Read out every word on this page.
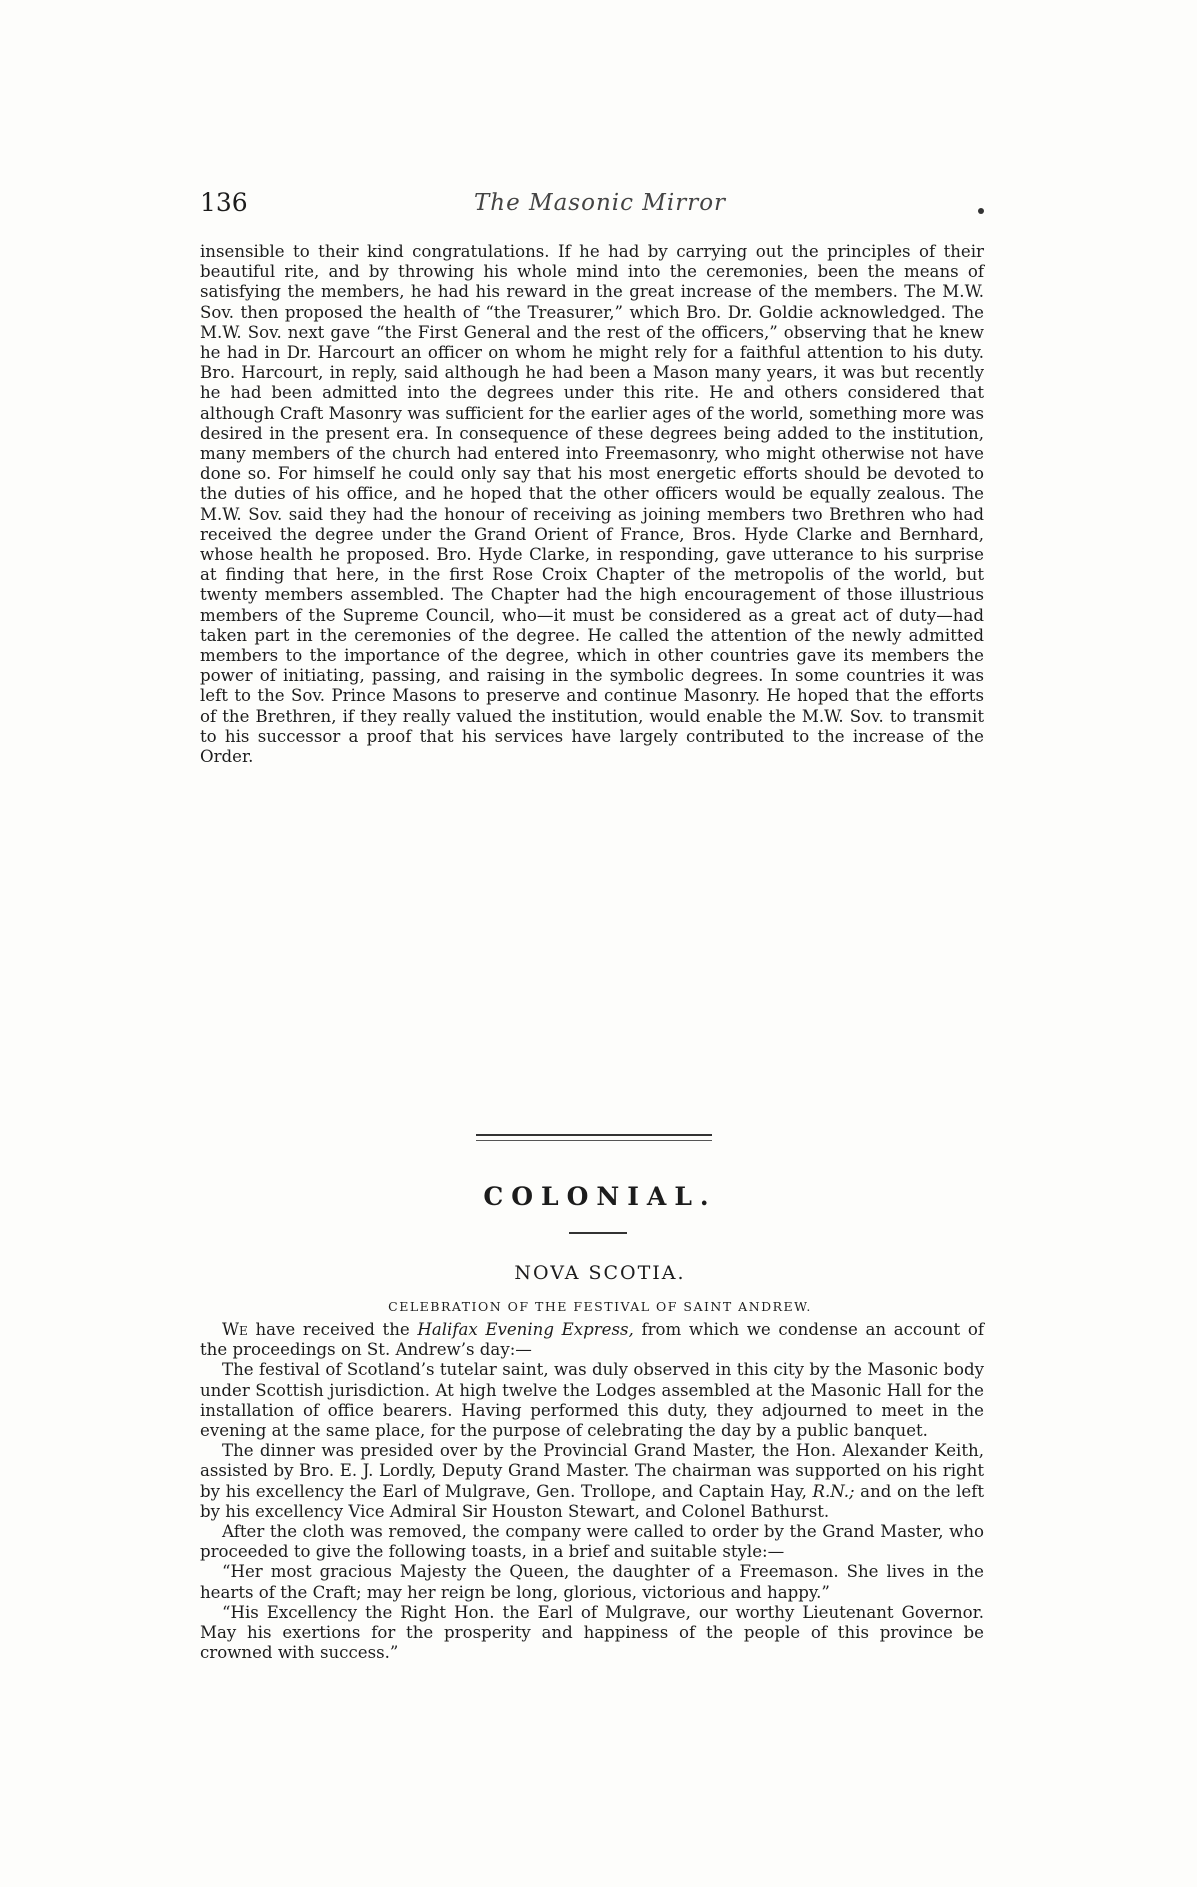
136	The Masonic Mirror

insensible to their kind congratulations. If he had by carrying out the principles of their beautiful rite, and by throwing his whole mind into the ceremonies, been the means of satisfying the members, he had his reward in the great increase of the members. The M.W. Sov. then proposed the health of “the Treasurer,” which Bro. Dr. Goldie acknowledged. The M.W. Sov. next gave “the First General and the rest of the officers,” observing that he knew he had in Dr. Harcourt an officer on whom he might rely for a faithful attention to his duty. Bro. Harcourt, in reply, said although he had been a Mason many years, it was but recently he had been admitted into the degrees under this rite. He and others considered that although Craft Masonry was sufficient for the earlier ages of the world, something more was desired in the present era. In consequence of these degrees being added to the institution, many members of the church had entered into Freemasonry, who might otherwise not have done so. For himself he could only say that his most energetic efforts should be devoted to the duties of his office, and he hoped that the other officers would be equally zealous. The M.W. Sov. said they had the honour of receiving as joining members two Brethren who had received the degree under the Grand Orient of France, Bros. Hyde Clarke and Bernhard, whose health he proposed. Bro. Hyde Clarke, in responding, gave utterance to his surprise at finding that here, in the first Rose Croix Chapter of the metropolis of the world, but twenty members assembled. The Chapter had the high encouragement of those illustrious members of the Supreme Council, who—it must be considered as a great act of duty—had taken part in the ceremonies of the degree. He called the attention of the newly admitted members to the importance of the degree, which in other countries gave its members the power of initiating, passing, and raising in the symbolic degrees. In some countries it was left to the Sov. Prince Masons to preserve and continue Masonry. He hoped that the efforts of the Brethren, if they really valued the institution, would enable the M.W. Sov. to transmit to his successor a proof that his services have largely contributed to the increase of the Order.

COLONIAL.
NOVA SCOTIA.
CELEBRATION OF THE FESTIVAL OF SAINT ANDREW.

We have received the Halifax Evening Express, from which we condense an account of the proceedings on St. Andrew’s day:—

The festival of Scotland’s tutelar saint, was duly observed in this city by the Masonic body under Scottish jurisdiction. At high twelve the Lodges assembled at the Masonic Hall for the installation of office bearers. Having performed this duty, they adjourned to meet in the evening at the same place, for the purpose of celebrating the day by a public banquet.

The dinner was presided over by the Provincial Grand Master, the Hon. Alexander Keith, assisted by Bro. E. J. Lordly, Deputy Grand Master. The chairman was supported on his right by his excellency the Earl of Mulgrave, Gen. Trollope, and Captain Hay, R.N.; and on the left by his excellency Vice Admiral Sir Houston Stewart, and Colonel Bathurst.

After the cloth was removed, the company were called to order by the Grand Master, who proceeded to give the following toasts, in a brief and suitable style:—

“Her most gracious Majesty the Queen, the daughter of a Freemason. She lives in the hearts of the Craft; may her reign be long, glorious, victorious and happy.”

“His Excellency the Right Hon. the Earl of Mulgrave, our worthy Lieutenant Governor. May his exertions for the prosperity and happiness of the people of this province be crowned with success.”
